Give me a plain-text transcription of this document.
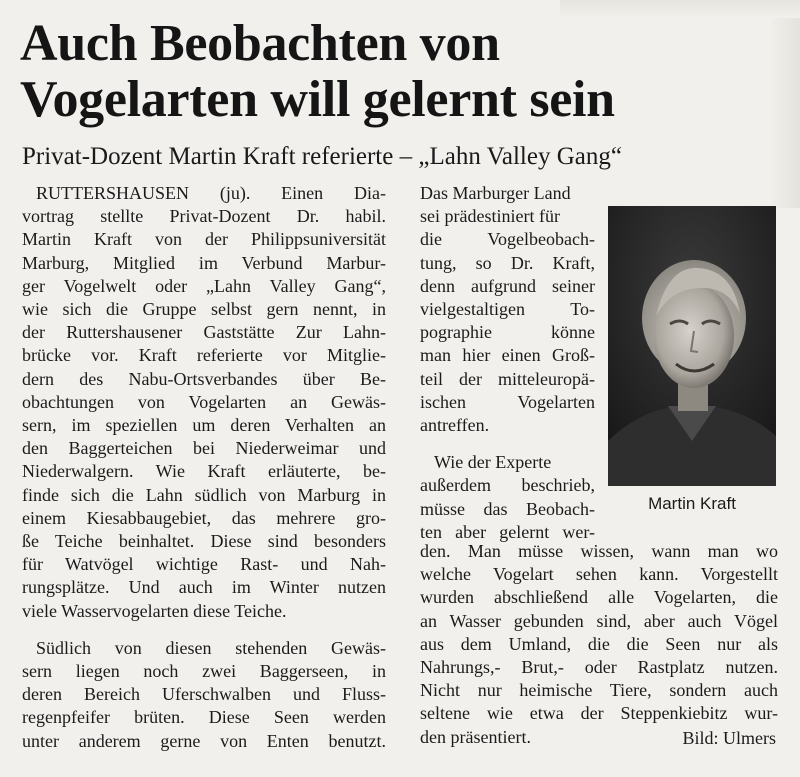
Auch Beobachten von
Vogelarten will gelernt sein
Privat-Dozent Martin Kraft referierte – „Lahn Valley Gang“

RUTTERSHAUSEN (ju). Einen Dia-

vortrag stellte Privat-Dozent Dr. habil.
Martin Kraft von der Philippsuniversität
Marburg, Mitglied im Verbund Marbur-
ger Vogelwelt oder „Lahn Valley Gang“,
wie sich die Gruppe selbst gern nennt, in
der Ruttershausener Gaststätte Zur Lahn-
brücke vor. Kraft referierte vor Mitglie-
dern des Nabu-Ortsverbandes über Be-
obachtungen von Vogelarten an Gewäs-
sern, im speziellen um deren Verhalten an
den Baggerteichen bei Niederweimar und
Niederwalgern. Wie Kraft erläuterte, be-
finde sich die Lahn südlich von Marburg in
einem Kiesabbaugebiet, das mehrere gro-
ße Teiche beinhaltet. Diese sind besonders
für Watvögel wichtige Rast- und Nah-
rungsplätze. Und auch im Winter nutzen
viele Wasservogelarten diese Teiche.

Südlich von diesen stehenden Gewäs-

sern liegen noch zwei Baggerseen, in
deren Bereich Uferschwalben und Fluss-
regenpfeifer brüten. Diese Seen werden
unter anderem gerne von Enten benutzt.

Das Marburger Land
sei prädestiniert für
die Vogelbeobach-
tung, so Dr. Kraft,
denn aufgrund seiner
vielgestaltigen To-
pographie könne
man hier einen Groß-
teil der mitteleuropä-
ischen Vogelarten
antreffen.

Wie der Experte
außerdem beschrieb,
müsse das Beobach-
ten aber gelernt wer-

Martin Kraft
den. Man müsse wissen, wann man wo
welche Vogelart sehen kann. Vorgestellt
wurden abschließend alle Vogelarten, die
an Wasser gebunden sind, aber auch Vögel
aus dem Umland, die die Seen nur als
Nahrungs,- Brut,- oder Rastplatz nutzen.
Nicht nur heimische Tiere, sondern auch
seltene wie etwa der Steppenkiebitz wur-
den präsentiert.	Bild: Ulmers
